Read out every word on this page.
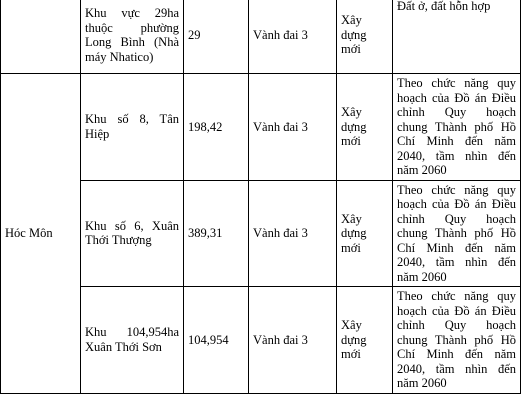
	Khu vực 29ha thuộc phường Long Bình (Nhà máy Nhatico)	29	Vành đai 3	Xây dựng mới	Đất ở, đất hỗn hợp
Hóc Môn	Khu số 8, Tân Hiệp	198,42	Vành đai 3	Xây dựng mới	Theo chức năng quy hoạch của Đồ án Điều chỉnh Quy hoạch chung Thành phố Hồ Chí Minh đến năm 2040, tầm nhìn đến năm 2060
	Khu số 6, Xuân Thới Thượng	389,31	Vành đai 3	Xây dựng mới	Theo chức năng quy hoạch của Đồ án Điều chỉnh Quy hoạch chung Thành phố Hồ Chí Minh đến năm 2040, tầm nhìn đến năm 2060
	Khu 104,954ha Xuân Thới Sơn	104,954	Vành đai 3	Xây dựng mới	Theo chức năng quy hoạch của Đồ án Điều chỉnh Quy hoạch chung Thành phố Hồ Chí Minh đến năm 2040, tầm nhìn đến năm 2060
